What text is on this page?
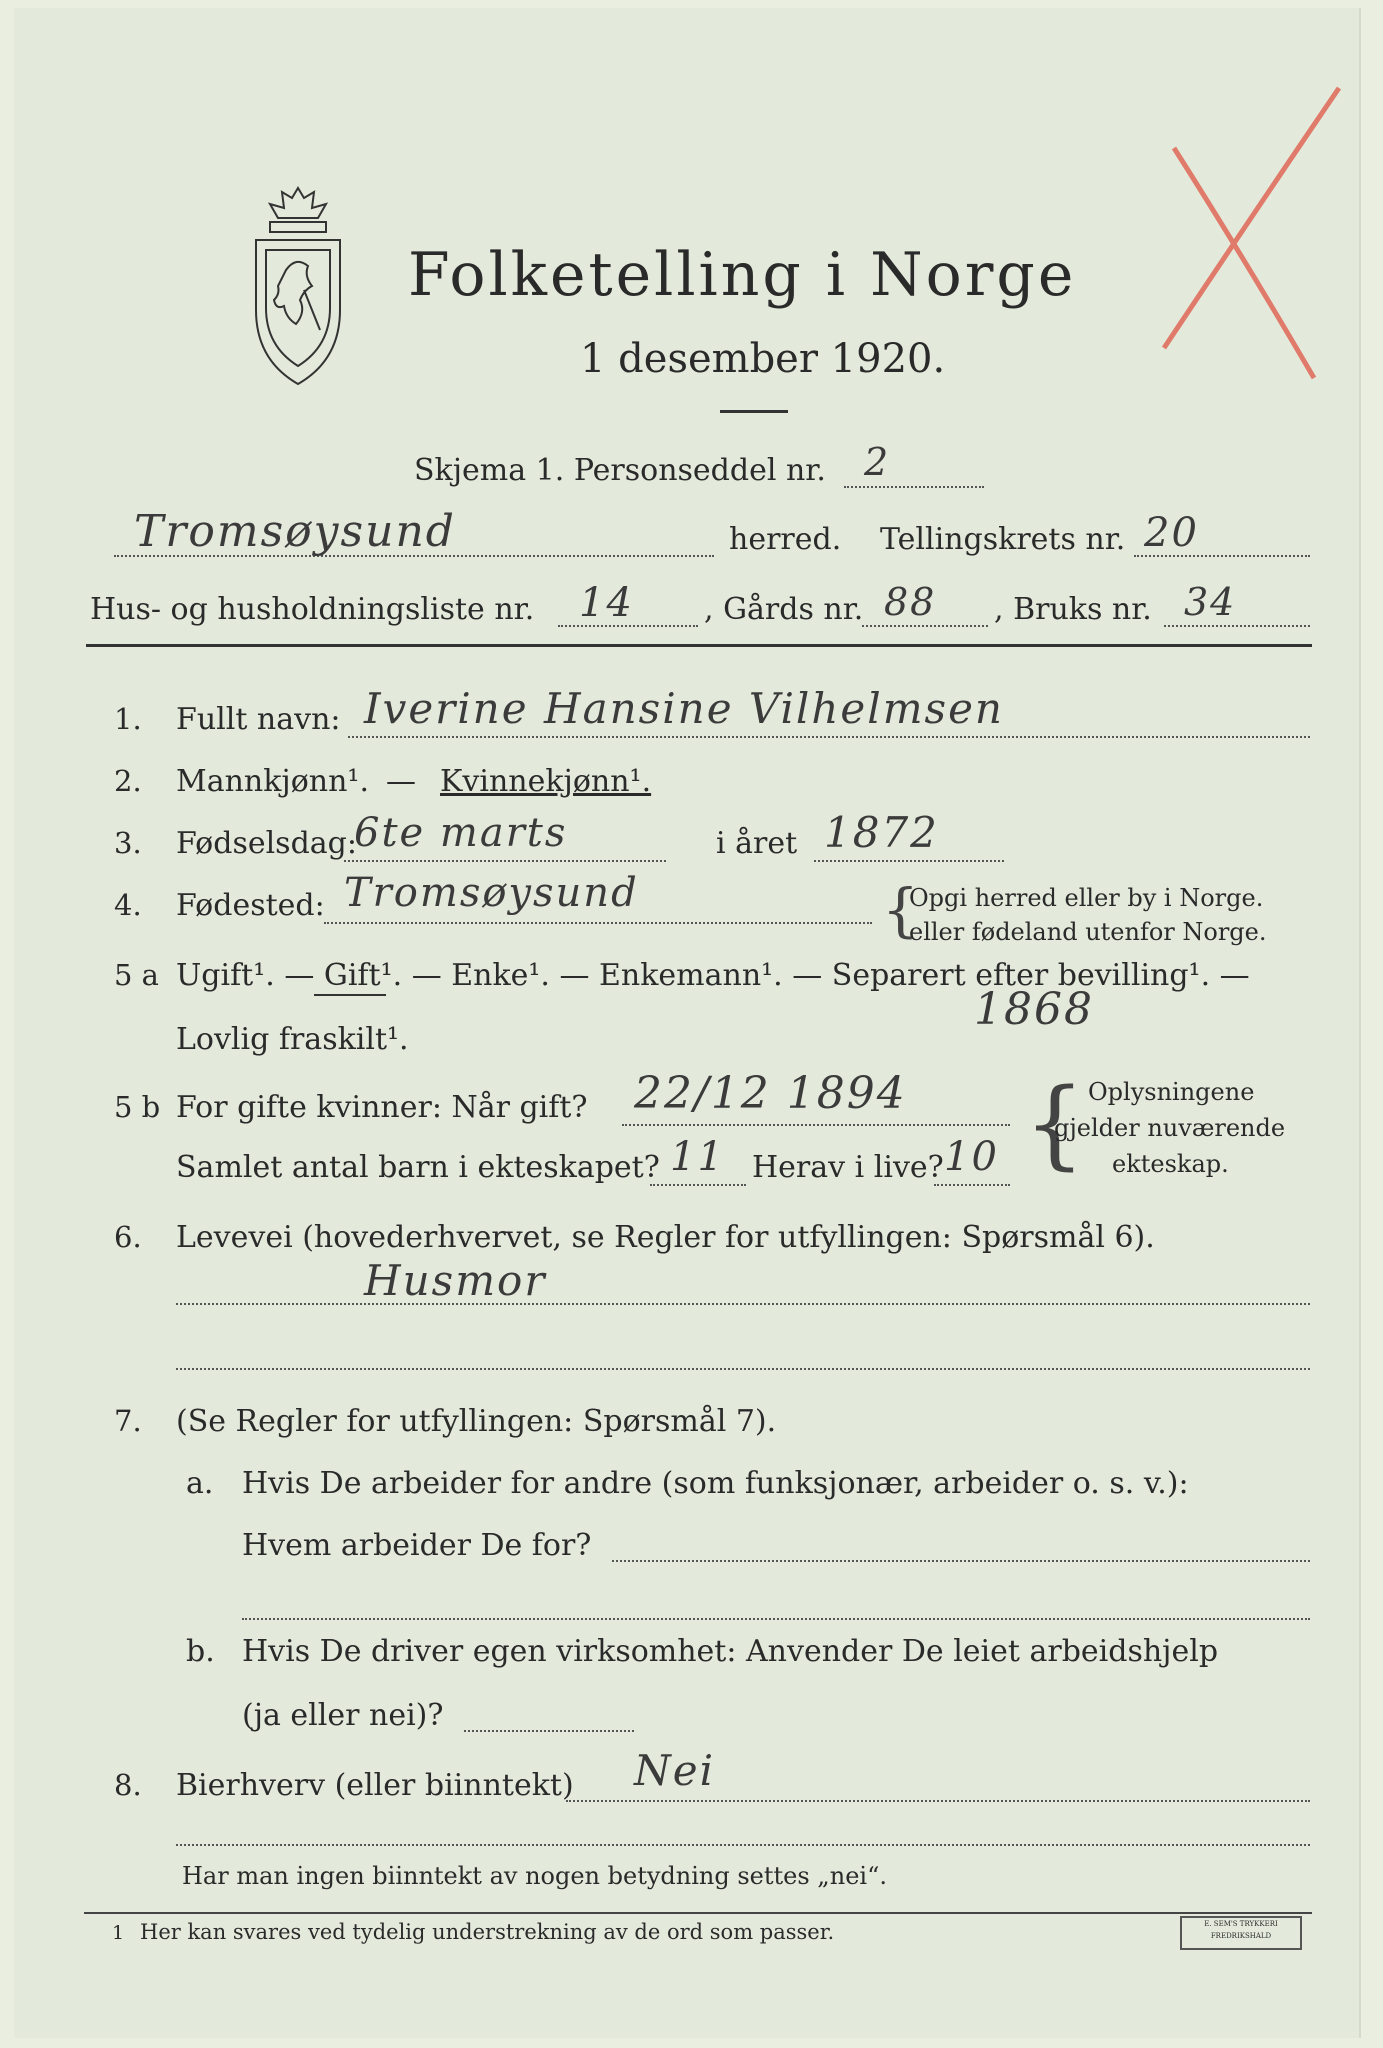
Folketelling i Norge
1 desember 1920.
Skjema 1. Personseddel nr. 2
Tromsøysund	herred. Tellingskrets nr. 20
Hus- og husholdningsliste nr. 14 , Gårds nr. 88 , Bruks nr. 34
1. Fullt navn: Iverine Hansine Vilhelmsen
2. Mannkjønn¹. — Kvinnekjønn¹.
3. Fødselsdag:
6te marts	i året 1872
4. Fødested: Tromsøysund	{
Opgi herred eller by i Norge.
eller fødeland utenfor Norge.
5 a Ugift¹. — Gift¹. — Enke¹. — Enkemann¹. — Separert efter bevilling¹. —
Lovlig fraskilt¹.
1868
5 b For gifte kvinner: Når gift? 22/12 1894
Samlet antal barn i ekteskapet? 11 Herav i live? 10 { Oplysningene
gjelder nuværende
ekteskap.
6. Levevei (hovederhvervet, se Regler for utfyllingen: Spørsmål 6).
Husmor
7. (Se Regler for utfyllingen: Spørsmål 7).
a. Hvis De arbeider for andre (som funksjonær, arbeider o. s. v.):
Hvem arbeider De for?
b. Hvis De driver egen virksomhet: Anvender De leiet arbeidshjelp
(ja eller nei)?
8. Bierhverv (eller biinntekt) Nei
Har man ingen biinntekt av nogen betydning settes „nei“.
1 Her kan svares ved tydelig understrekning av de ord som passer.	E. SEM'S TRYKKERI
FREDRIKSHALD
